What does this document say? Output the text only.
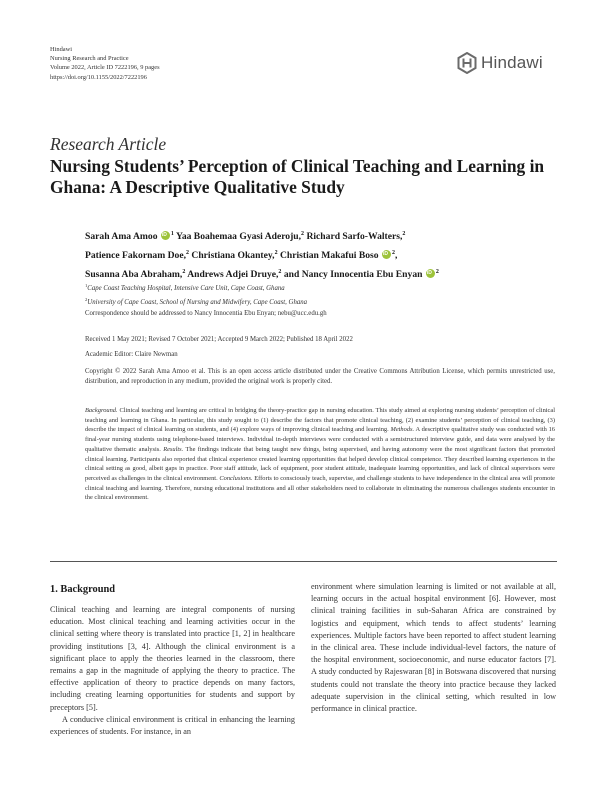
Hindawi
Nursing Research and Practice
Volume 2022, Article ID 7222196, 9 pages
https://doi.org/10.1155/2022/7222196
Hindawi
Research Article
Nursing Students’ Perception of Clinical Teaching and Learning in
Ghana: A Descriptive Qualitative Study
Sarah Ama Amoo iD $^1$ Yaa Boahemaa Gyasi Aderoju,$^2$ Richard Sarfo-Walters,$^2$
Patience Fakornam Doe,$^2$ Christiana Okantey,$^2$ Christian Makafui Boso iD $^2$,
Susanna Aba Abraham,$^2$ Andrews Adjei Druye,$^2$ and Nancy Innocentia Ebu Enyan iD $^2$
$^1$Cape Coast Teaching Hospital, Intensive Care Unit, Cape Coast, Ghana
$^2$University of Cape Coast, School of Nursing and Midwifery, Cape Coast, Ghana
Correspondence should be addressed to Nancy Innocentia Ebu Enyan; nebu@ucc.edu.gh
Received 1 May 2021; Revised 7 October 2021; Accepted 9 March 2022; Published 18 April 2022
Academic Editor: Claire Newman
Copyright © 2022 Sarah Ama Amoo et al. This is an open access article distributed under the Creative Commons Attribution License, which permits unrestricted use, distribution, and reproduction in any medium, provided the original work is properly cited.
Background. Clinical teaching and learning are critical in bridging the theory-practice gap in nursing education. This study aimed at exploring nursing students’ perception of clinical teaching and learning in Ghana. In particular, this study sought to (1) describe the factors that promote clinical teaching, (2) examine students’ perception of clinical teaching, (3) describe the impact of clinical learning on students, and (4) explore ways of improving clinical teaching and learning. Methods. A descriptive qualitative study was conducted with 16 final-year nursing students using telephone-based interviews. Individual in-depth interviews were conducted with a semistructured interview guide, and data were analysed by the qualitative thematic analysis. Results. The findings indicate that being taught new things, being supervised, and having autonomy were the most significant factors that promoted clinical learning. Participants also reported that clinical experience created learning opportunities that helped develop clinical competence. They described learning experiences in the clinical setting as good, albeit gaps in practice. Poor staff attitude, lack of equipment, poor student attitude, inadequate learning opportunities, and lack of clinical supervisors were perceived as challenges in the clinical environment. Conclusions. Efforts to consciously teach, supervise, and challenge students to have independence in the clinical area will promote clinical teaching and learning. Therefore, nursing educational institutions and all other stakeholders need to collaborate in eliminating the numerous challenges students encounter in the clinical environment.
1. Background

Clinical teaching and learning are integral components of nursing education. Most clinical teaching and learning activities occur in the clinical setting where theory is translated into practice [1, 2] in healthcare providing institutions [3, 4]. Although the clinical environment is a significant place to apply the theories learned in the classroom, there remains a gap in the magnitude of applying the theory to practice. The effective application of theory to practice depends on many factors, including creating learning opportunities for students and support by preceptors [5].

A conducive clinical environment is critical in enhancing the learning experiences of students. For instance, in an

environment where simulation learning is limited or not available at all, learning occurs in the actual hospital environment [6]. However, most clinical training facilities in sub-Saharan Africa are constrained by logistics and equipment, which tends to affect students’ learning experiences. Multiple factors have been reported to affect student learning in the clinical area. These include individual-level factors, the nature of the hospital environment, socioeconomic, and nurse educator factors [7]. A study conducted by Rajeswaran [8] in Botswana discovered that nursing students could not translate the theory into practice because they lacked adequate supervision in the clinical setting, which resulted in low performance in clinical practice.
